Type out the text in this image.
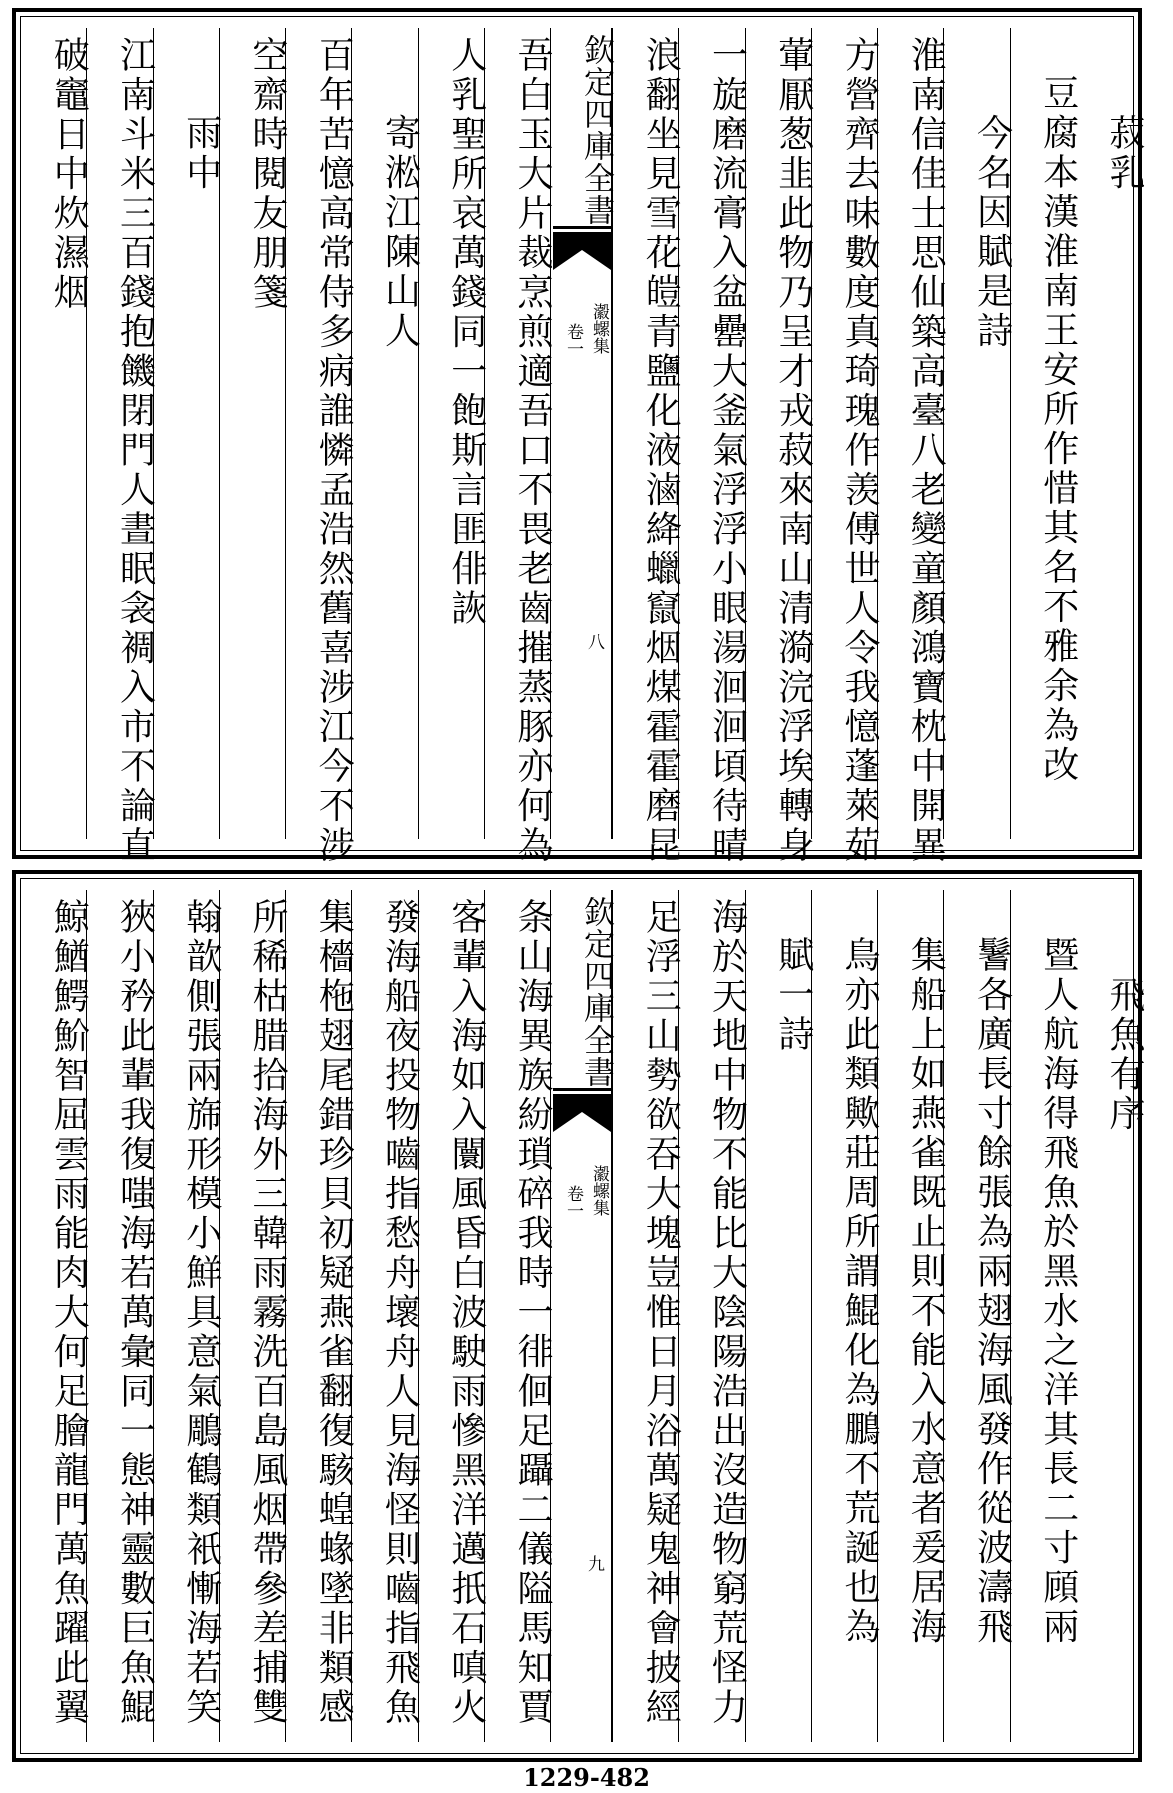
菽乳
豆腐本漢淮南王安所作惜其名不雅余為改
今名因賦是詩
淮南信佳士思仙築高臺八老變童顏鴻寶枕中開異
方營齊去味數度真琦瑰作羡傅世人令我憶蓬萊茹
葷厭葱韭此物乃呈才戎菽來南山清漪浣浮埃轉身
一旋磨流膏入盆罍大釜氣浮浮小眼湯洄洄頃待晴
浪翻坐見雪花皚青鹽化液滷絳蠟竄烟煤霍霍磨昆
吾白玉大片裁烹煎適吾口不畏老齒摧蒸豚亦何為
人乳聖所哀萬錢同一飽斯言匪俳詼
寄淞江陳山人
百年苦憶高常侍多病誰憐孟浩然舊喜涉江今不涉
空齋時閱友朋箋
雨中
江南斗米三百錢抱饑閉門人晝眠衾裯入市不論直
破竈日中炊濕烟	欽定四庫全書
瀫螺集
卷一
八
飛魚有序
暨人航海得飛魚於黑水之洋其長二寸頋兩
鬐各廣長寸餘張為兩翅海風發作從波濤飛
集船上如燕雀既止則不能入水意者爰居海
鳥亦此類歟莊周所謂鯤化為鵬不荒誕也為
賦一詩
海於天地中物不能比大陰陽浩出沒造物窮荒怪力
足浮三山勢欲吞大塊豈惟日月浴萬疑鬼神會披經
条山海異族紛瑣碎我時一徘佪足躡二儀隘馬知賈
客輩入海如入闤風昏白波駛雨慘黑洋邁扺石嗔火
發海船夜投物嚙指愁舟壞舟人見海怪則嚙指飛魚
集檣柂翅尾錯珍貝初疑燕雀翻復駭蝗蝝墜非類感
所稀枯腊拾海外三韓雨霧洗百島風烟帶參差捕雙
翰歆側張兩旆形模小鮮具意氣鵰鶴類衹慚海若笑
狹小矜此輩我復嗤海若萬彙同一態神靈數巨魚鯤
鯨鰌鰐魪智屈雲雨能肉大何足膾龍門萬魚躍此翼	欽定四庫全書
瀫螺集
卷一
九
1229-482
